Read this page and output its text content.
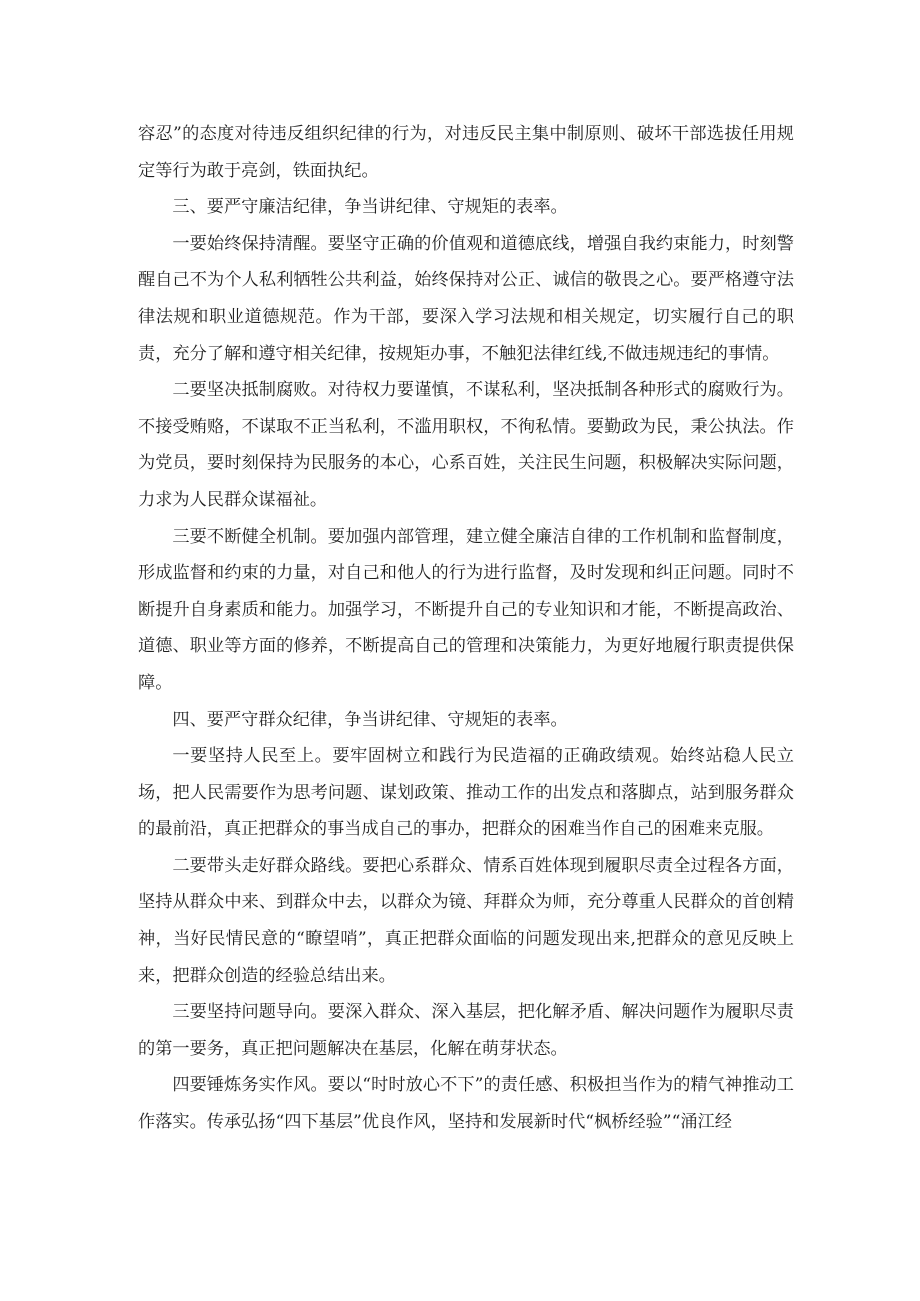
容忍”的态度对待违反组织纪律的行为，对违反民主集中制原则、破坏干部选拔任用规定等行为敢于亮剑，铁面执纪。

三、要严守廉洁纪律，争当讲纪律、守规矩的表率。

一要始终保持清醒。要坚守正确的价值观和道德底线，增强自我约束能力，时刻警醒自己不为个人私利牺牲公共利益，始终保持对公正、诚信的敬畏之心。要严格遵守法律法规和职业道德规范。作为干部，要深入学习法规和相关规定，切实履行自己的职责，充分了解和遵守相关纪律，按规矩办事，不触犯法律红线,不做违规违纪的事情。

二要坚决抵制腐败。对待权力要谨慎，不谋私利，坚决抵制各种形式的腐败行为。不接受贿赂，不谋取不正当私利，不滥用职权，不徇私情。要勤政为民，秉公执法。作为党员，要时刻保持为民服务的本心，心系百姓，关注民生问题，积极解决实际问题，力求为人民群众谋福祉。

三要不断健全机制。要加强内部管理，建立健全廉洁自律的工作机制和监督制度，形成监督和约束的力量，对自己和他人的行为进行监督，及时发现和纠正问题。同时不断提升自身素质和能力。加强学习，不断提升自己的专业知识和才能，不断提高政治、道德、职业等方面的修养，不断提高自己的管理和决策能力，为更好地履行职责提供保障。

四、要严守群众纪律，争当讲纪律、守规矩的表率。

一要坚持人民至上。要牢固树立和践行为民造福的正确政绩观。始终站稳人民立场，把人民需要作为思考问题、谋划政策、推动工作的出发点和落脚点，站到服务群众的最前沿，真正把群众的事当成自己的事办，把群众的困难当作自己的困难来克服。

二要带头走好群众路线。要把心系群众、情系百姓体现到履职尽责全过程各方面，坚持从群众中来、到群众中去，以群众为镜、拜群众为师，充分尊重人民群众的首创精神，当好民情民意的“瞭望哨”，真正把群众面临的问题发现出来,把群众的意见反映上来，把群众创造的经验总结出来。

三要坚持问题导向。要深入群众、深入基层，把化解矛盾、解决问题作为履职尽责的第一要务，真正把问题解决在基层，化解在萌芽状态。

四要锤炼务实作风。要以“时时放心不下”的责任感、积极担当作为的精气神推动工作落实。传承弘扬“四下基层”优良作风，坚持和发展新时代“枫桥经验”“涌江经
